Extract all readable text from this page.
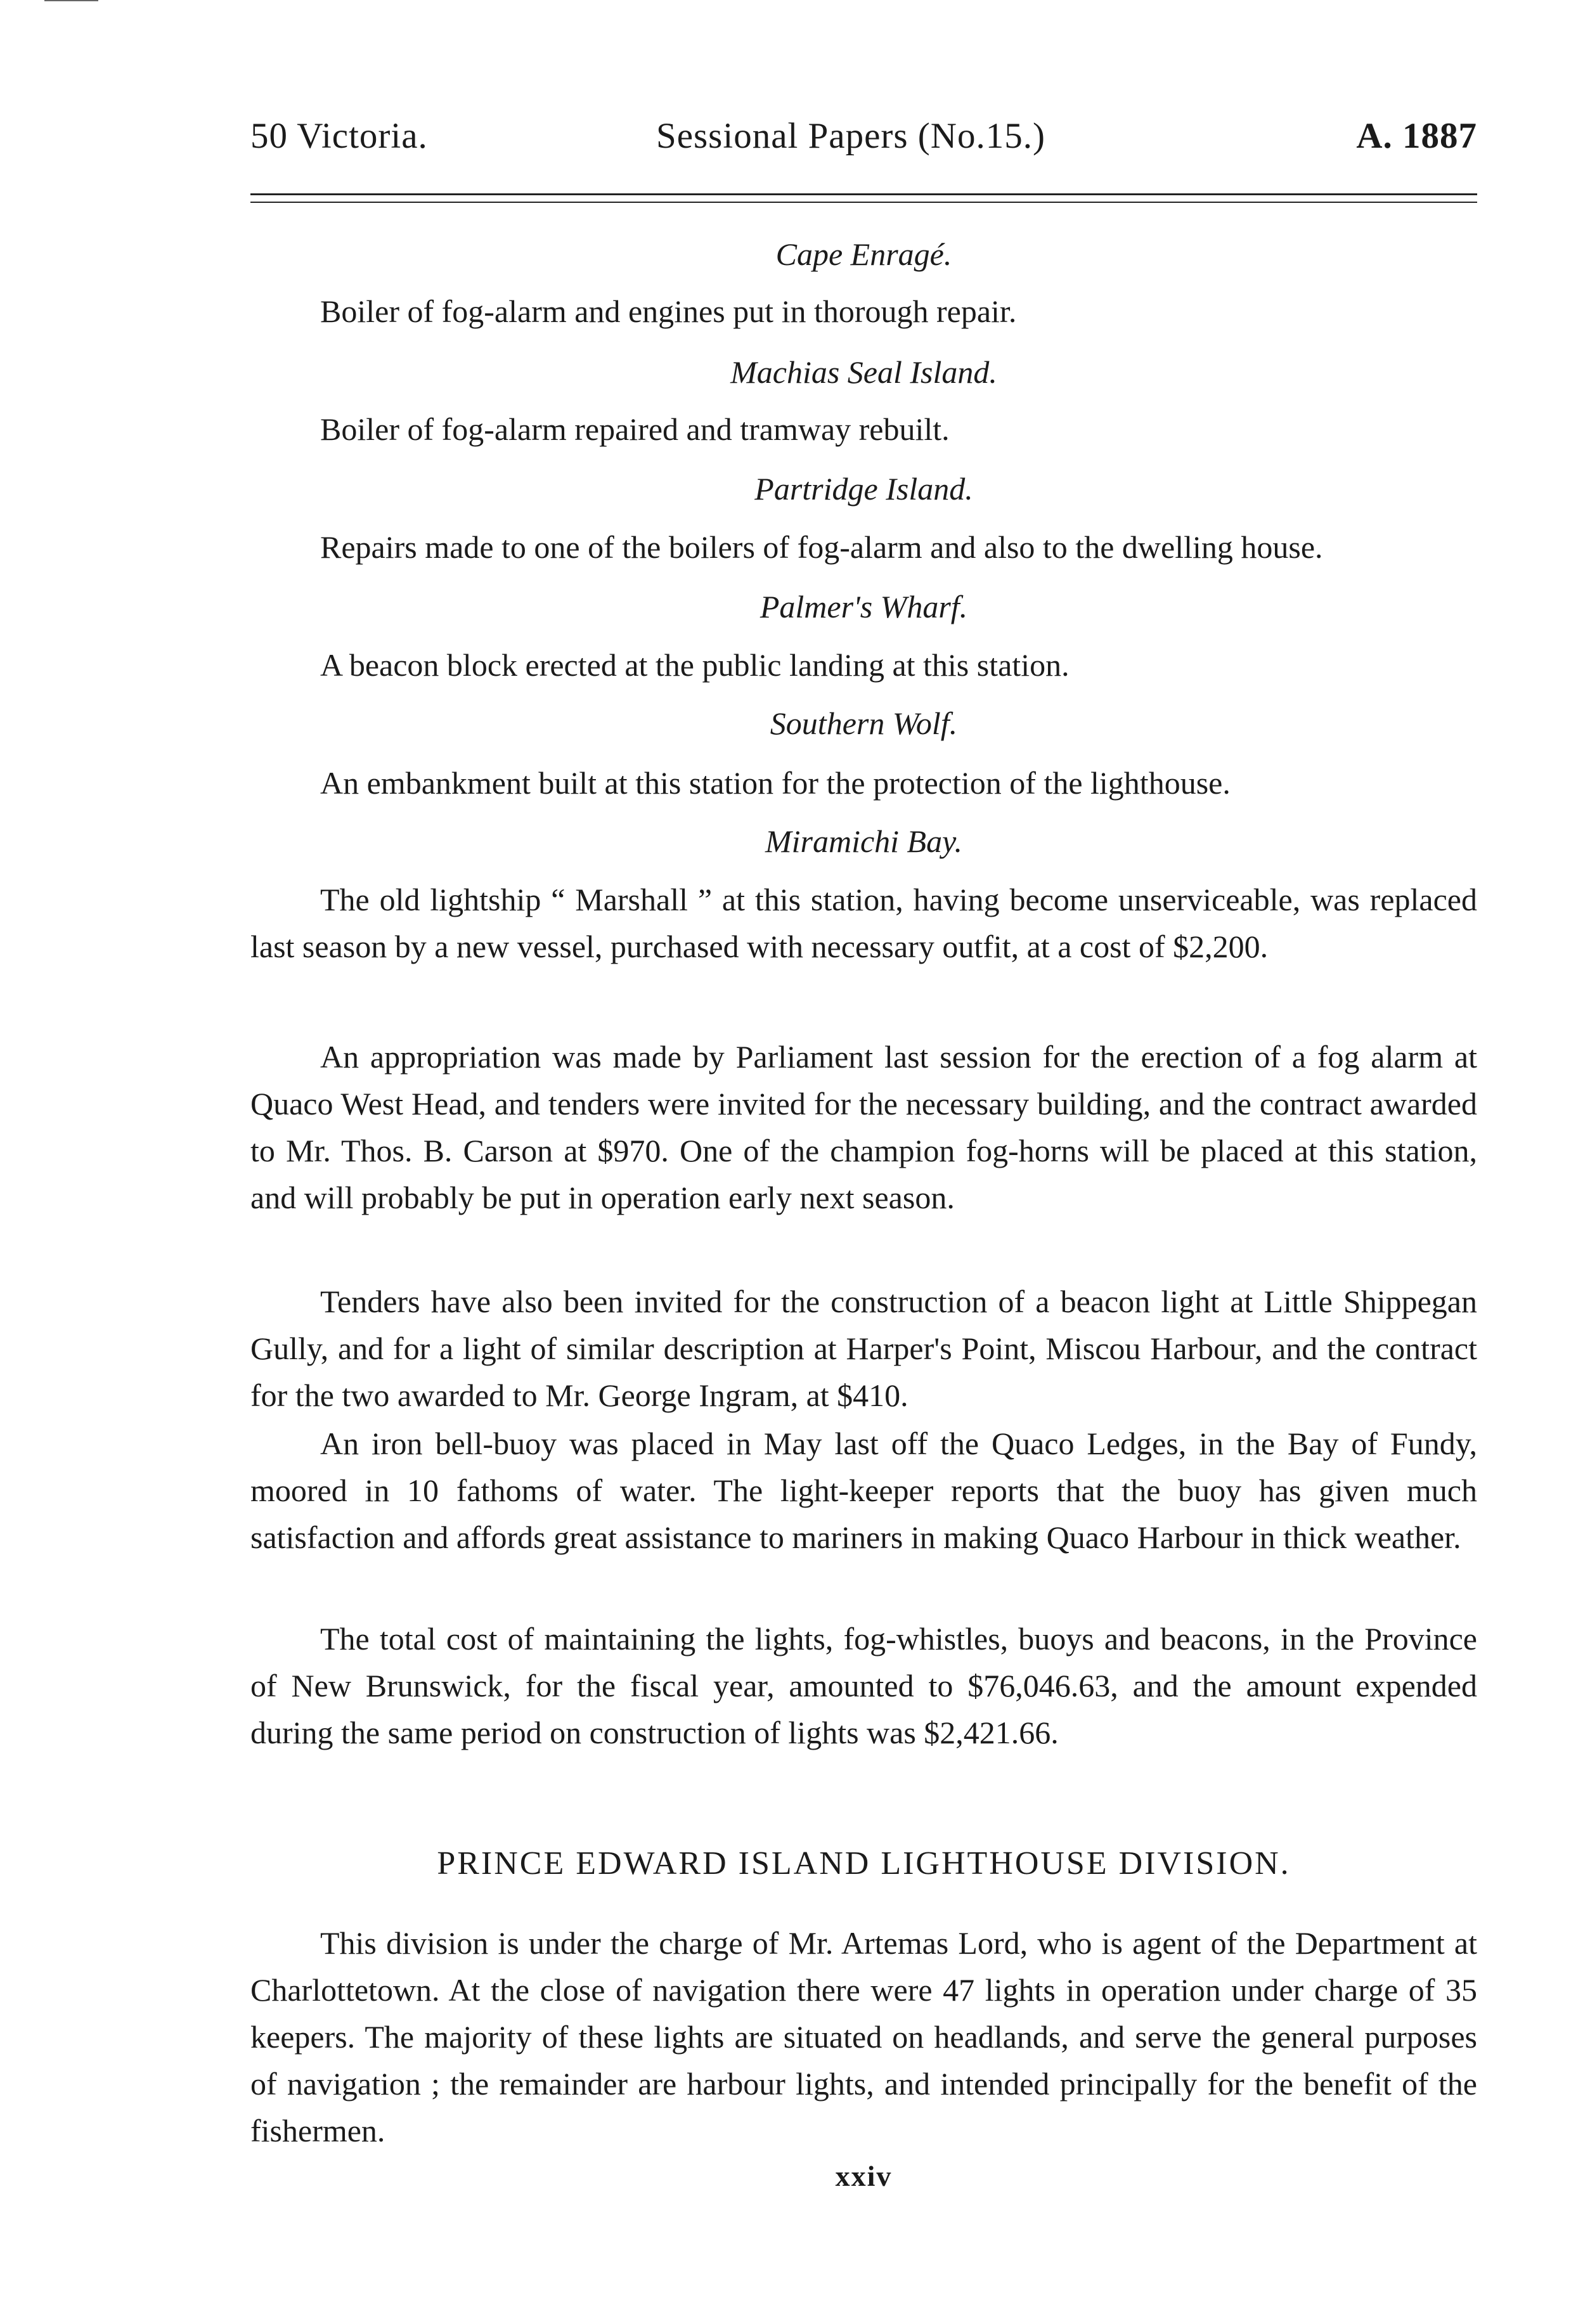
50 Victoria.	Sessional Papers (No.15.)	A. 1887
Cape Enragé.
Boiler of fog-alarm and engines put in thorough repair.
Machias Seal Island.
Boiler of fog-alarm repaired and tramway rebuilt.
Partridge Island.
Repairs made to one of the boilers of fog-alarm and also to the dwelling house.
Palmer's Wharf.
A beacon block erected at the public landing at this station.
Southern Wolf.
An embankment built at this station for the protection of the lighthouse.
Miramichi Bay.

The old lightship “ Marshall ” at this station, having become unserviceable, was replaced last season by a new vessel, purchased with necessary outfit, at a cost of $2,200.

An appropriation was made by Parliament last session for the erection of a fog alarm at Quaco West Head, and tenders were invited for the necessary building, and the contract awarded to Mr. Thos. B. Carson at $970. One of the champion fog-horns will be placed at this station, and will probably be put in operation early next season.

Tenders have also been invited for the construction of a beacon light at Little Shippegan Gully, and for a light of similar description at Harper's Point, Miscou Harbour, and the contract for the two awarded to Mr. George Ingram, at $410.

An iron bell-buoy was placed in May last off the Quaco Ledges, in the Bay of Fundy, moored in 10 fathoms of water. The light-keeper reports that the buoy has given much satisfaction and affords great assistance to mariners in making Quaco Harbour in thick weather.

The total cost of maintaining the lights, fog-whistles, buoys and beacons, in the Province of New Brunswick, for the fiscal year, amounted to $76,046.63, and the amount expended during the same period on construction of lights was $2,421.66.

PRINCE EDWARD ISLAND LIGHTHOUSE DIVISION.

This division is under the charge of Mr. Artemas Lord, who is agent of the Department at Charlottetown. At the close of navigation there were 47 lights in operation under charge of 35 keepers. The majority of these lights are situated on headlands, and serve the general purposes of navigation ; the remainder are harbour lights, and intended principally for the benefit of the fishermen.

xxiv
